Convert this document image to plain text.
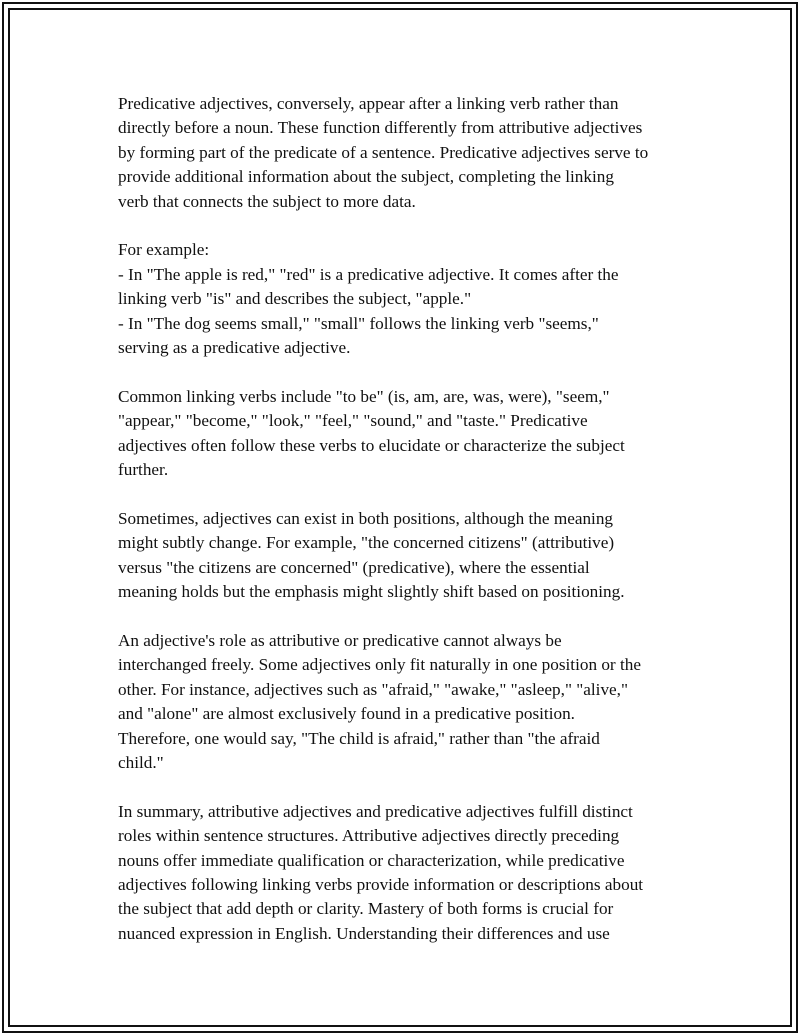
Predicative adjectives, conversely, appear after a linking verb rather than
directly before a noun. These function differently from attributive adjectives
by forming part of the predicate of a sentence. Predicative adjectives serve to
provide additional information about the subject, completing the linking
verb that connects the subject to more data.

For example:
- In "The apple is red," "red" is a predicative adjective. It comes after the
linking verb "is" and describes the subject, "apple."
- In "The dog seems small," "small" follows the linking verb "seems,"
serving as a predicative adjective.

Common linking verbs include "to be" (is, am, are, was, were), "seem,"
"appear," "become," "look," "feel," "sound," and "taste." Predicative
adjectives often follow these verbs to elucidate or characterize the subject
further.

Sometimes, adjectives can exist in both positions, although the meaning
might subtly change. For example, "the concerned citizens" (attributive)
versus "the citizens are concerned" (predicative), where the essential
meaning holds but the emphasis might slightly shift based on positioning.

An adjective's role as attributive or predicative cannot always be
interchanged freely. Some adjectives only fit naturally in one position or the
other. For instance, adjectives such as "afraid," "awake," "asleep," "alive,"
and "alone" are almost exclusively found in a predicative position.
Therefore, one would say, "The child is afraid," rather than "the afraid
child."

In summary, attributive adjectives and predicative adjectives fulfill distinct
roles within sentence structures. Attributive adjectives directly preceding
nouns offer immediate qualification or characterization, while predicative
adjectives following linking verbs provide information or descriptions about
the subject that add depth or clarity. Mastery of both forms is crucial for
nuanced expression in English. Understanding their differences and use
